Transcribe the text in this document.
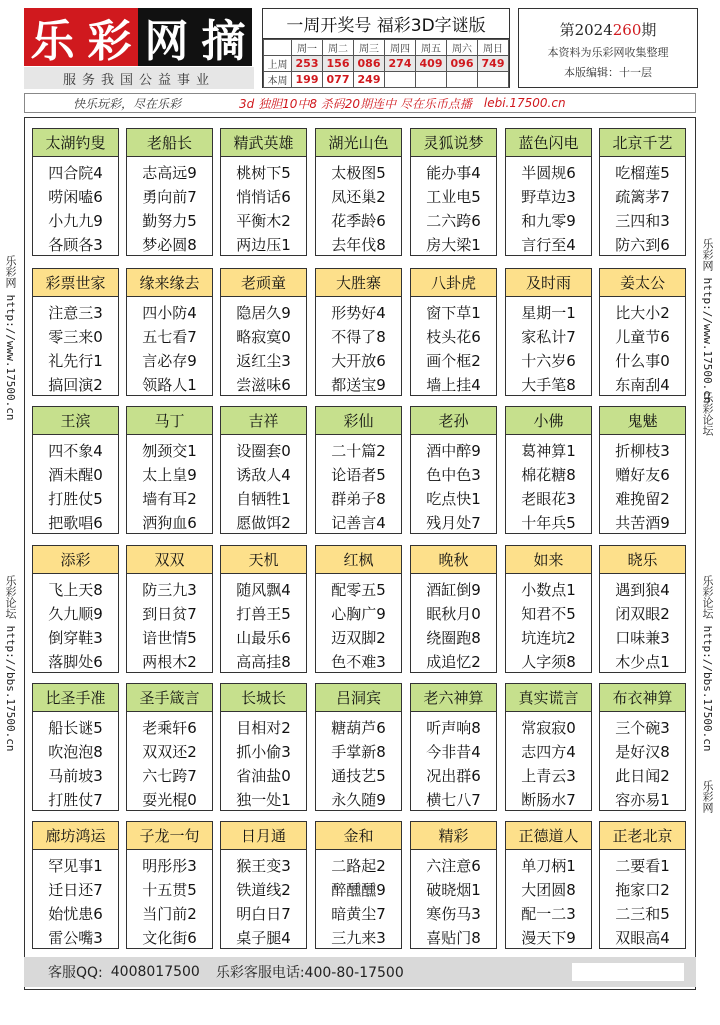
乐 彩 网 摘
服务我国公益事业
一周开奖号 福彩3D字谜版
	周一	周二	周三	周四	周五	周六	周日
上周	253	156	086	274	409	096	749
本周	199	077	249				
第2024260期
本资料为乐彩网收集整理
本版编辑：十一层
快乐玩彩，尽在乐彩	3d 独胆10中8 杀码20期连中 尽在乐币点播 lebi.17500.cn
乐彩网 http://www.17500.cn
乐彩论坛 http://bbs.17500.cn
乐彩网 http://www.17500.cn
乐彩论坛
乐彩论坛 http://bbs.17500.cn
乐彩网
太湖钓叟
四合院4
唠闲嗑6
小九九9
各顾各3
老船长
志高远9
勇向前7
勤努力5
梦必圆8
精武英雄
桃树下5
悄悄话6
平衡木2
两边压1
湖光山色
太极图5
凤还巢2
花季龄6
去年伐8
灵狐说梦
能办事4
工业电5
二六跨6
房大梁1
蓝色闪电
半圆规6
野草边3
和九零9
言行至4
北京千艺
吃榴莲5
疏篱茅7
三四和3
防六到6
彩票世家
注意三3
零三来0
礼先行1
搞回演2
缘来缘去
四小防4
五七看7
言必存9
领路人1
老顽童
隐居久9
略寂寞0
返红尘3
尝滋味6
大胜寨
形势好4
不得了8
大开放6
都送宝9
八卦虎
窗下草1
枝头花6
画个框2
墙上挂4
及时雨
星期一1
家私计7
十六岁6
大手笔8
姜太公
比大小2
儿童节6
什么事0
东南刮4
王滨
四不象4
酒未醒0
打胜仗5
把歌唱6
马丁
刎颈交1
太上皇9
墙有耳2
洒狗血6
吉祥
设圈套0
诱敌人4
自牺牲1
愿做饵2
彩仙
二十篇2
论语者5
群弟子8
记善言4
老孙
酒中醉9
色中色3
吃点快1
残月处7
小佛
葛神算1
棉花糖8
老眼花3
十年兵5
鬼魅
折柳枝3
赠好友6
难挽留2
共苦酒9
添彩
飞上天8
久九顺9
倒穿鞋3
落脚处6
双双
防三九3
到日贫7
谙世情5
两根木2
天机
随风飘4
打兽王5
山最乐6
高高挂8
红枫
配零五5
心胸广9
迈双脚2
色不难3
晚秋
酒缸倒9
眠秋月0
绕圈跑8
成追忆2
如来
小数点1
知君不5
坑连坑2
人字须8
晓乐
遇到狼4
闭双眼2
口味兼3
木少点1
比圣手准
船长谜5
吹泡泡8
马前坡3
打胜仗7
圣手箴言
老乘轩6
双双还2
六七跨7
耍光棍0
长城长
目相对2
抓小偷3
省油盐0
独一处1
吕洞宾
糖葫芦6
手掌新8
通技艺5
永久随9
老六神算
听声响8
今非昔4
况出群6
横七八7
真实谎言
常寂寂0
志四方4
上青云3
断肠水7
布衣神算
三个碗3
是好汉8
此日闻2
容亦易1
廊坊鸿运
罕见事1
迁日还7
始忧患6
雷公嘴3
子龙一句
明彤彤3
十五贯5
当门前2
文化街6
日月通
猴王变3
铁道线2
明白日7
桌子腿4
金和
二路起2
醉醺醺9
暗黄尘7
三九来3
精彩
六注意6
破晓烟1
寒伤马3
喜贴门8
正德道人
单刀柄1
大团圆8
配一二3
漫天下9
正老北京
二要看1
拖家口2
二三和5
双眼高4
客服QQ: 4008017500 乐彩客服电话:400-80-17500
